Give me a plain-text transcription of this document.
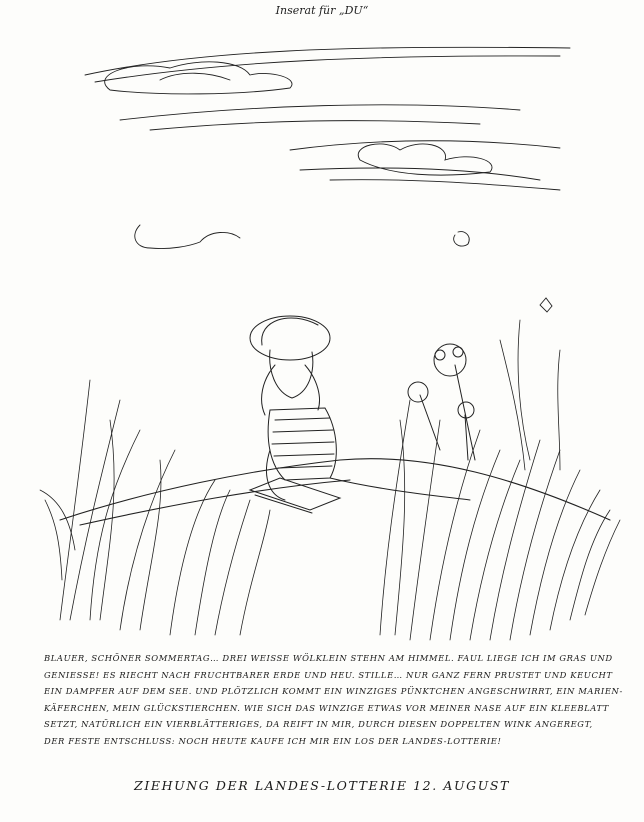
Inserat für „DU“
BLAUER, SCHÖNER SOMMERTAG… DREI WEISSE WÖLKLEIN STEHN AM HIMMEL. FAUL LIEGE ICH IM GRAS UND
GENIESSE! ES RIECHT NACH FRUCHTBARER ERDE UND HEU. STILLE… NUR GANZ FERN PRUSTET UND KEUCHT
EIN DAMPFER AUF DEM SEE. UND PLÖTZLICH KOMMT EIN WINZIGES PÜNKTCHEN ANGESCHWIRRT, EIN MARIEN-
KÄFERCHEN, MEIN GLÜCKSTIERCHEN. WIE SICH DAS WINZIGE ETWAS VOR MEINER NASE AUF EIN KLEEBLATT
SETZT, NATÜRLICH EIN VIERBLÄTTERIGES, DA REIFT IN MIR, DURCH DIESEN DOPPELTEN WINK ANGEREGT,
DER FESTE ENTSCHLUSS: NOCH HEUTE KAUFE ICH MIR EIN LOS DER LANDES-LOTTERIE!
ZIEHUNG DER LANDES-LOTTERIE 12. AUGUST
